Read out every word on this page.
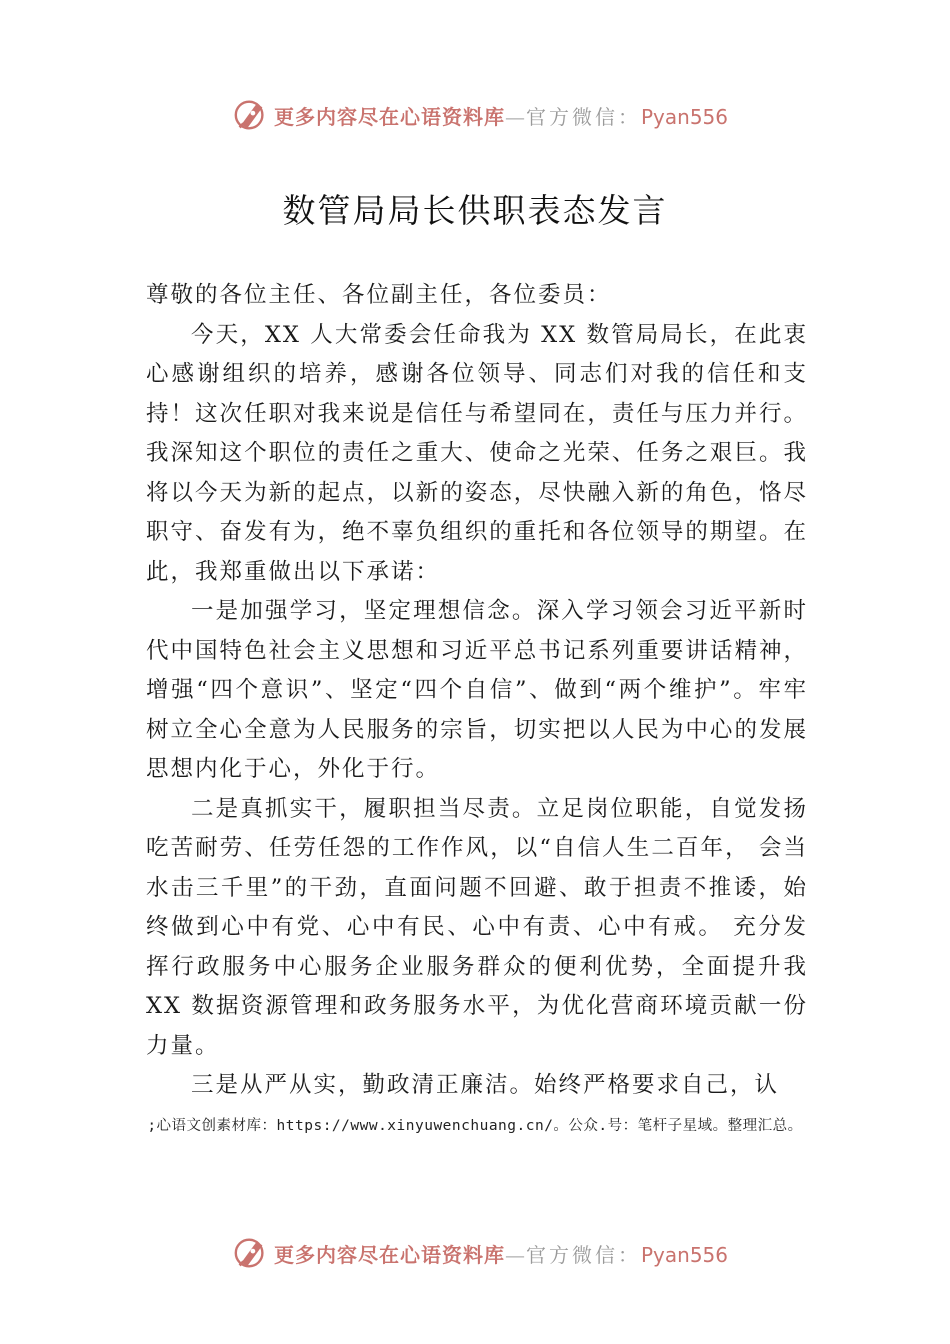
更多内容尽在心语资料库—官方微信：Pyan556
数管局局长供职表态发言

尊敬的各位主任、各位副主任，各位委员：

今天，XX 人大常委会任命我为 XX 数管局局长，在此衷心感谢组织的培养，感谢各位领导、同志们对我的信任和支持！这次任职对我来说是信任与希望同在，责任与压力并行。我深知这个职位的责任之重大、使命之光荣、任务之艰巨。我将以今天为新的起点，以新的姿态，尽快融入新的角色，恪尽职守、奋发有为，绝不辜负组织的重托和各位领导的期望。在此，我郑重做出以下承诺：

一是加强学习，坚定理想信念。深入学习领会习近平新时代中国特色社会主义思想和习近平总书记系列重要讲话精神，增强“四个意识”、坚定“四个自信”、做到“两个维护”。牢牢树立全心全意为人民服务的宗旨，切实把以人民为中心的发展思想内化于心，外化于行。

二是真抓实干，履职担当尽责。立足岗位职能，自觉发扬吃苦耐劳、任劳任怨的工作作风，以“自信人生二百年， 会当水击三千里”的干劲，直面问题不回避、敢于担责不推诿，始终做到心中有党、心中有民、心中有责、心中有戒。 充分发挥行政服务中心服务企业服务群众的便利优势，全面提升我 XX 数据资源管理和政务服务水平，为优化营商环境贡献一份力量。

三是从严从实，勤政清正廉洁。始终严格要求自己，认

;心语文创素材库：https://www.xinyuwenchuang.cn/。公众.号：笔杆子星域。整理汇总。
更多内容尽在心语资料库—官方微信：Pyan556
